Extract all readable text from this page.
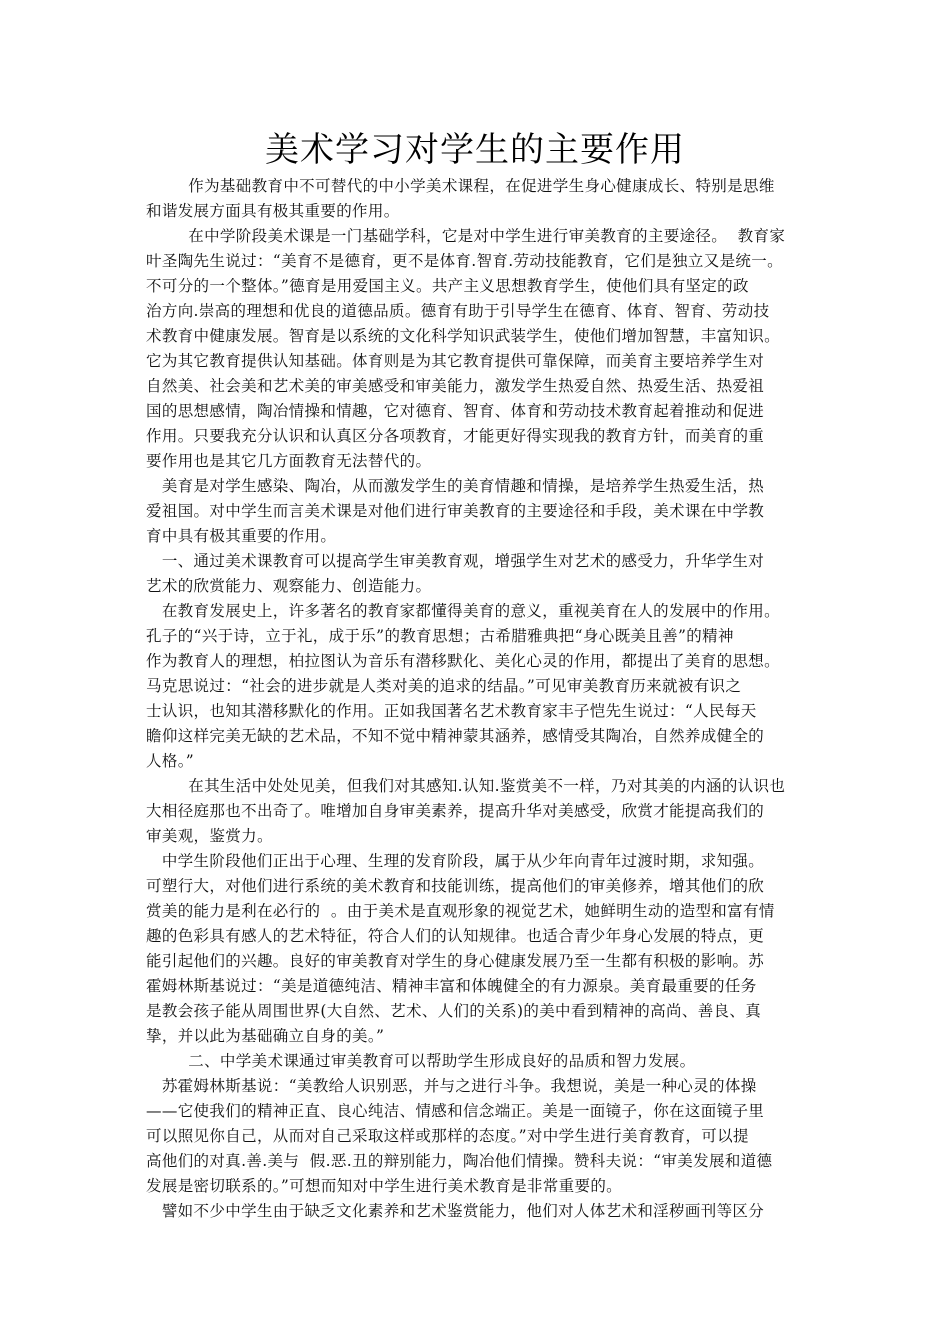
美术学习对学生的主要作用
作为基础教育中不可替代的中小学美术课程，在促进学生身心健康成长、特别是思维
和谐发展方面具有极其重要的作用。
在中学阶段美术课是一门基础学科，它是对中学生进行审美教育的主要途径。  教育家
叶圣陶先生说过：“美育不是德育，更不是体育.智育.劳动技能教育，它们是独立又是统一。
不可分的一个整体。”德育是用爱国主义。共产主义思想教育学生，使他们具有坚定的政
治方向.崇高的理想和优良的道德品质。德育有助于引导学生在德育、体育、智育、劳动技
术教育中健康发展。智育是以系统的文化科学知识武装学生，使他们增加智慧，丰富知识。
它为其它教育提供认知基础。体育则是为其它教育提供可靠保障，而美育主要培养学生对
自然美、社会美和艺术美的审美感受和审美能力，激发学生热爱自然、热爱生活、热爱祖
国的思想感情，陶冶情操和情趣，它对德育、智育、体育和劳动技术教育起着推动和促进
作用。只要我充分认识和认真区分各项教育，才能更好得实现我的教育方针，而美育的重
要作用也是其它几方面教育无法替代的。
美育是对学生感染、陶冶，从而激发学生的美育情趣和情操，是培养学生热爱生活，热
爱祖国。对中学生而言美术课是对他们进行审美教育的主要途径和手段，美术课在中学教
育中具有极其重要的作用。
一、通过美术课教育可以提高学生审美教育观，增强学生对艺术的感受力，升华学生对
艺术的欣赏能力、观察能力、创造能力。
在教育发展史上，许多著名的教育家都懂得美育的意义，重视美育在人的发展中的作用。
孔子的“兴于诗，立于礼，成于乐”的教育思想；古希腊雅典把“身心既美且善”的精神
作为教育人的理想，柏拉图认为音乐有潜移默化、美化心灵的作用，都提出了美育的思想。
马克思说过：“社会的进步就是人类对美的追求的结晶。”可见审美教育历来就被有识之
士认识，也知其潜移默化的作用。正如我国著名艺术教育家丰子恺先生说过：“人民每天
瞻仰这样完美无缺的艺术品，不知不觉中精神蒙其涵养，感情受其陶冶，自然养成健全的
人格。”
在其生活中处处见美，但我们对其感知.认知.鉴赏美不一样，乃对其美的内涵的认识也
大相径庭那也不出奇了。唯增加自身审美素养，提高升华对美感受，欣赏才能提高我们的
审美观，鉴赏力。
中学生阶段他们正出于心理、生理的发育阶段，属于从少年向青年过渡时期，求知强。
可塑行大，对他们进行系统的美术教育和技能训练，提高他们的审美修养，增其他们的欣
赏美的能力是利在必行的  。由于美术是直观形象的视觉艺术，她鲜明生动的造型和富有情
趣的色彩具有感人的艺术特征，符合人们的认知规律。也适合青少年身心发展的特点，更
能引起他们的兴趣。良好的审美教育对学生的身心健康发展乃至一生都有积极的影响。苏
霍姆林斯基说过：“美是道德纯洁、精神丰富和体魄健全的有力源泉。美育最重要的任务
是教会孩子能从周围世界(大自然、艺术、人们的关系)的美中看到精神的高尚、善良、真
挚，并以此为基础确立自身的美。”
二、中学美术课通过审美教育可以帮助学生形成良好的品质和智力发展。
苏霍姆林斯基说：“美教给人识别恶，并与之进行斗争。我想说，美是一种心灵的体操
——它使我们的精神正直、良心纯洁、情感和信念端正。美是一面镜子，你在这面镜子里
可以照见你自己，从而对自己采取这样或那样的态度。”对中学生进行美育教育，可以提
高他们的对真.善.美与  假.恶.丑的辩别能力，陶冶他们情操。赞科夫说：“审美发展和道德
发展是密切联系的。”可想而知对中学生进行美术教育是非常重要的。
譬如不少中学生由于缺乏文化素养和艺术鉴赏能力，他们对人体艺术和淫秽画刊等区分
